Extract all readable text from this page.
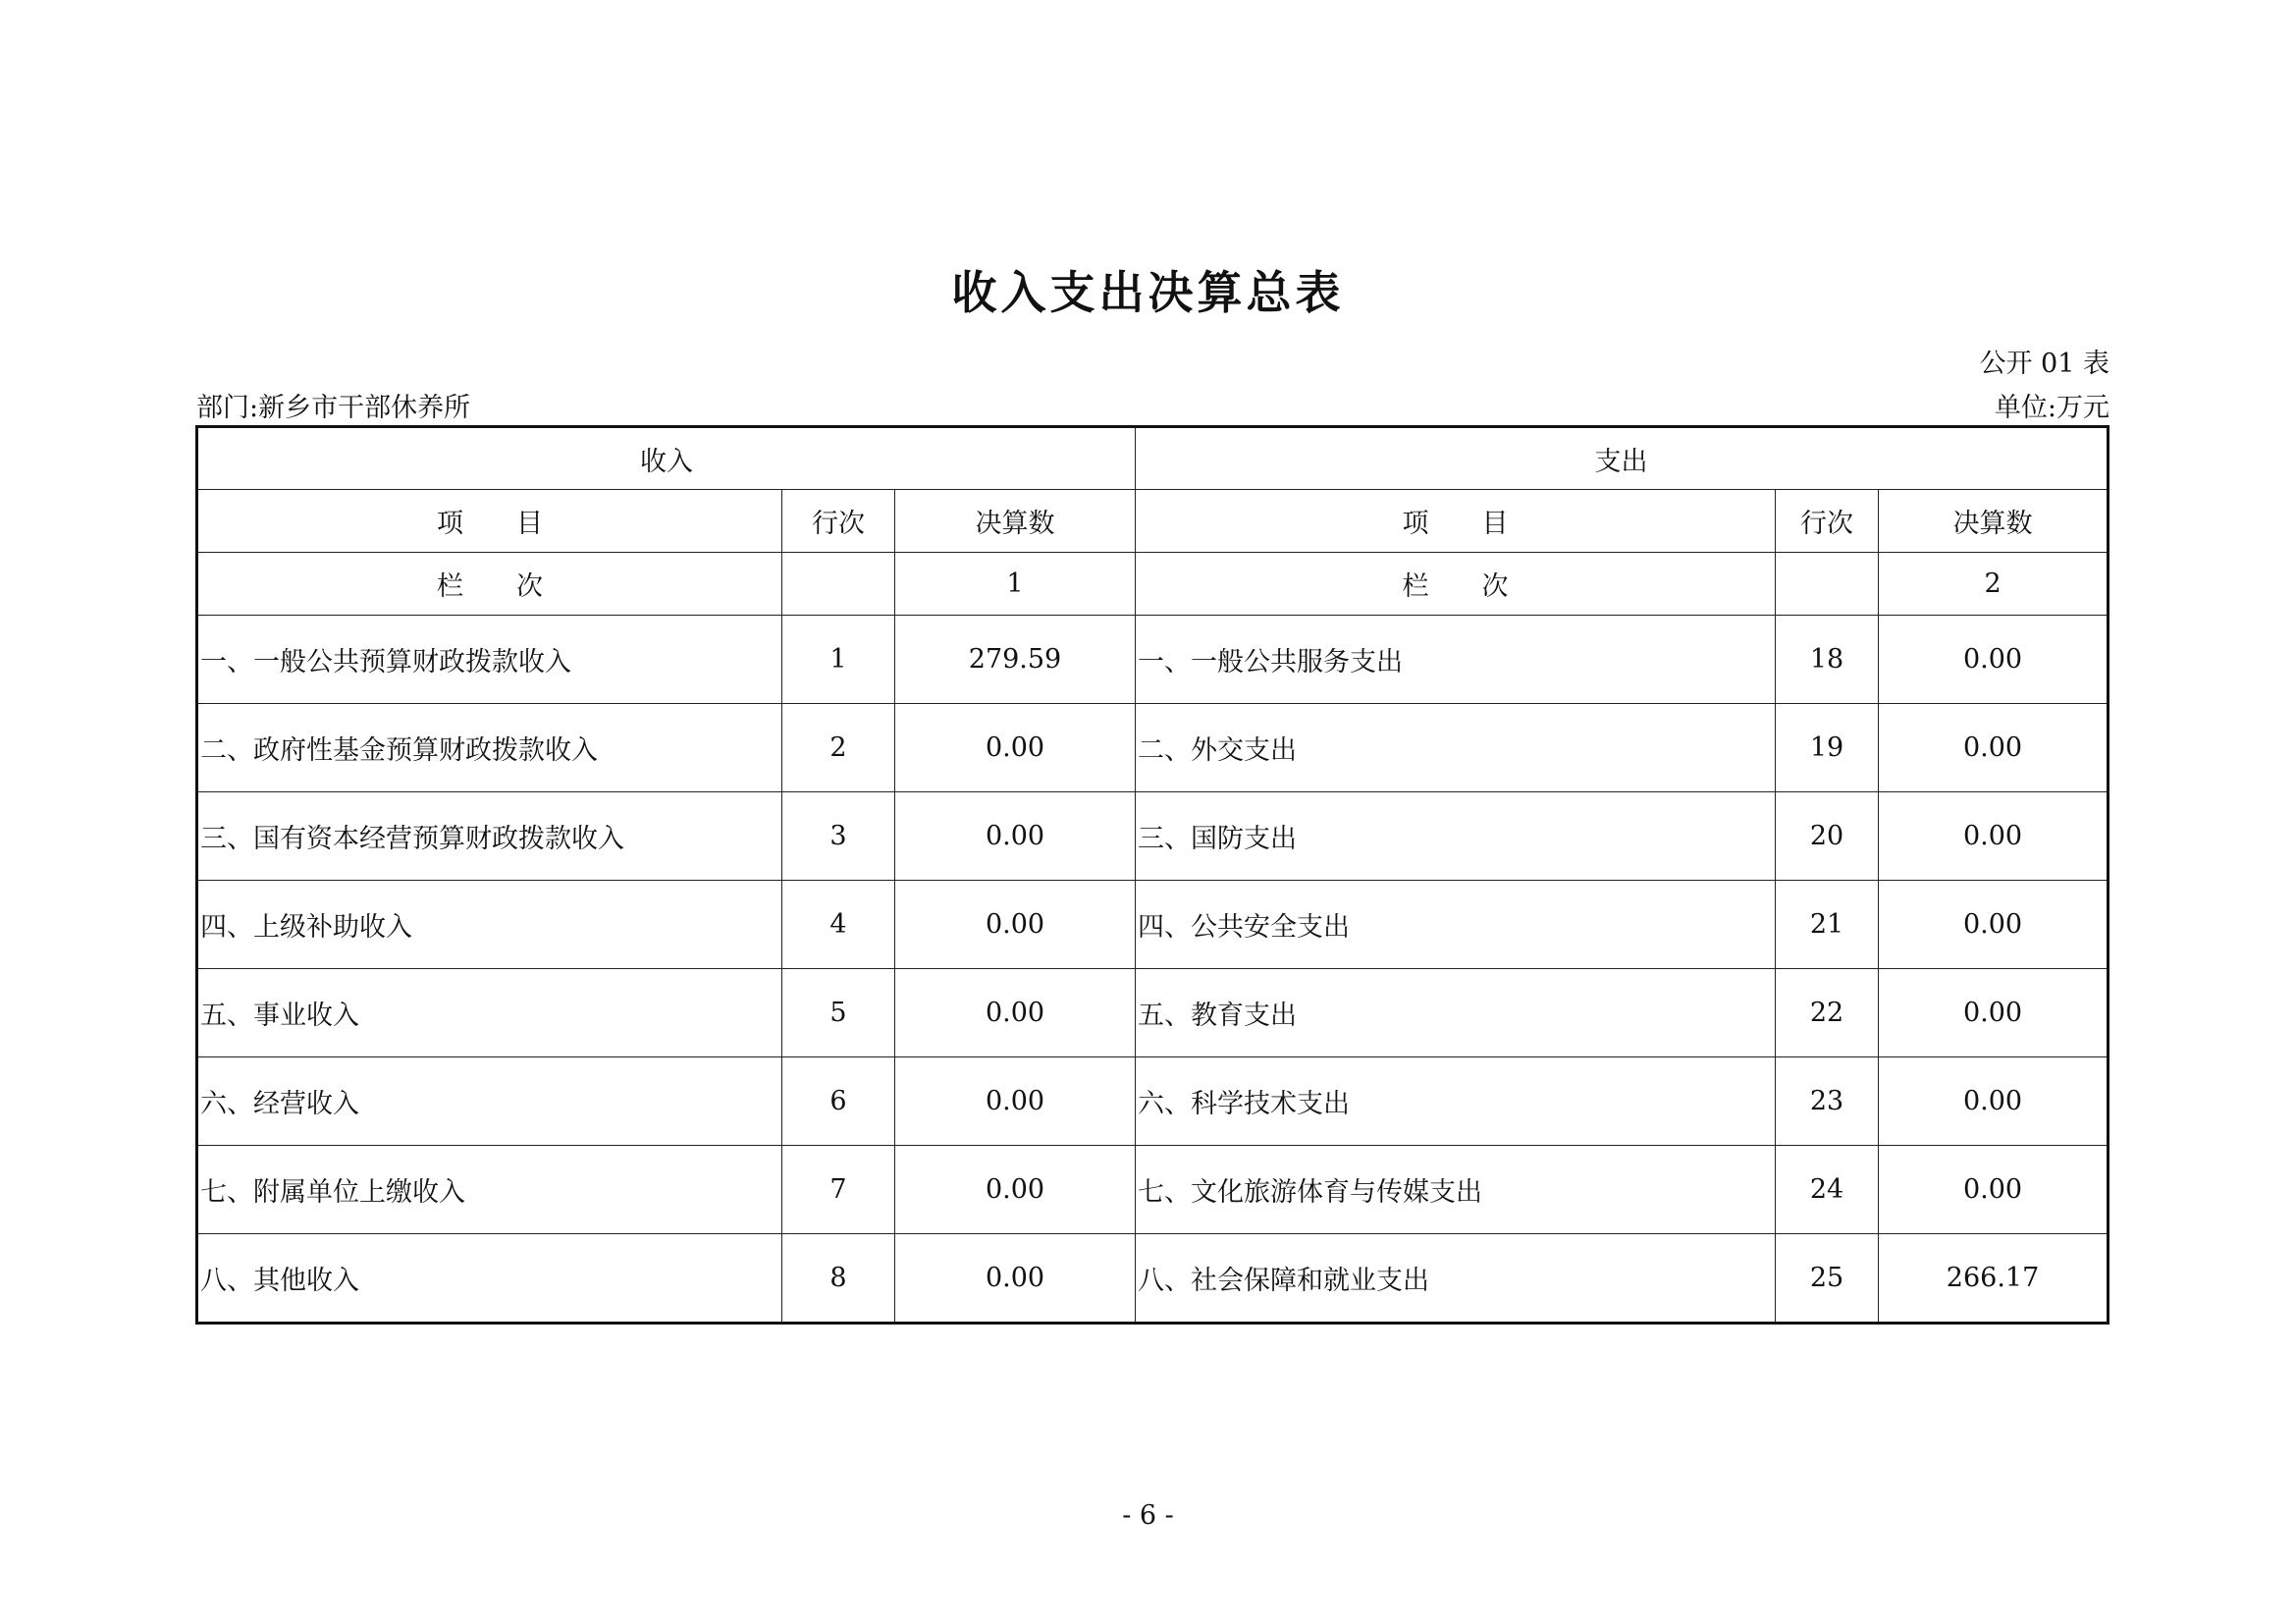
收入支出决算总表
公开 01 表
部门:新乡市干部休养所	单位:万元
收入			支出		
项　　目	行次	决算数	项　　目	行次	决算数
栏　　次		1	栏　　次		2
一、一般公共预算财政拨款收入	1	279.59	一、一般公共服务支出	18	0.00
二、政府性基金预算财政拨款收入	2	0.00	二、外交支出	19	0.00
三、国有资本经营预算财政拨款收入	3	0.00	三、国防支出	20	0.00
四、上级补助收入	4	0.00	四、公共安全支出	21	0.00
五、事业收入	5	0.00	五、教育支出	22	0.00
六、经营收入	6	0.00	六、科学技术支出	23	0.00
七、附属单位上缴收入	7	0.00	七、文化旅游体育与传媒支出	24	0.00
八、其他收入	8	0.00	八、社会保障和就业支出	25	266.17
- 6 -
